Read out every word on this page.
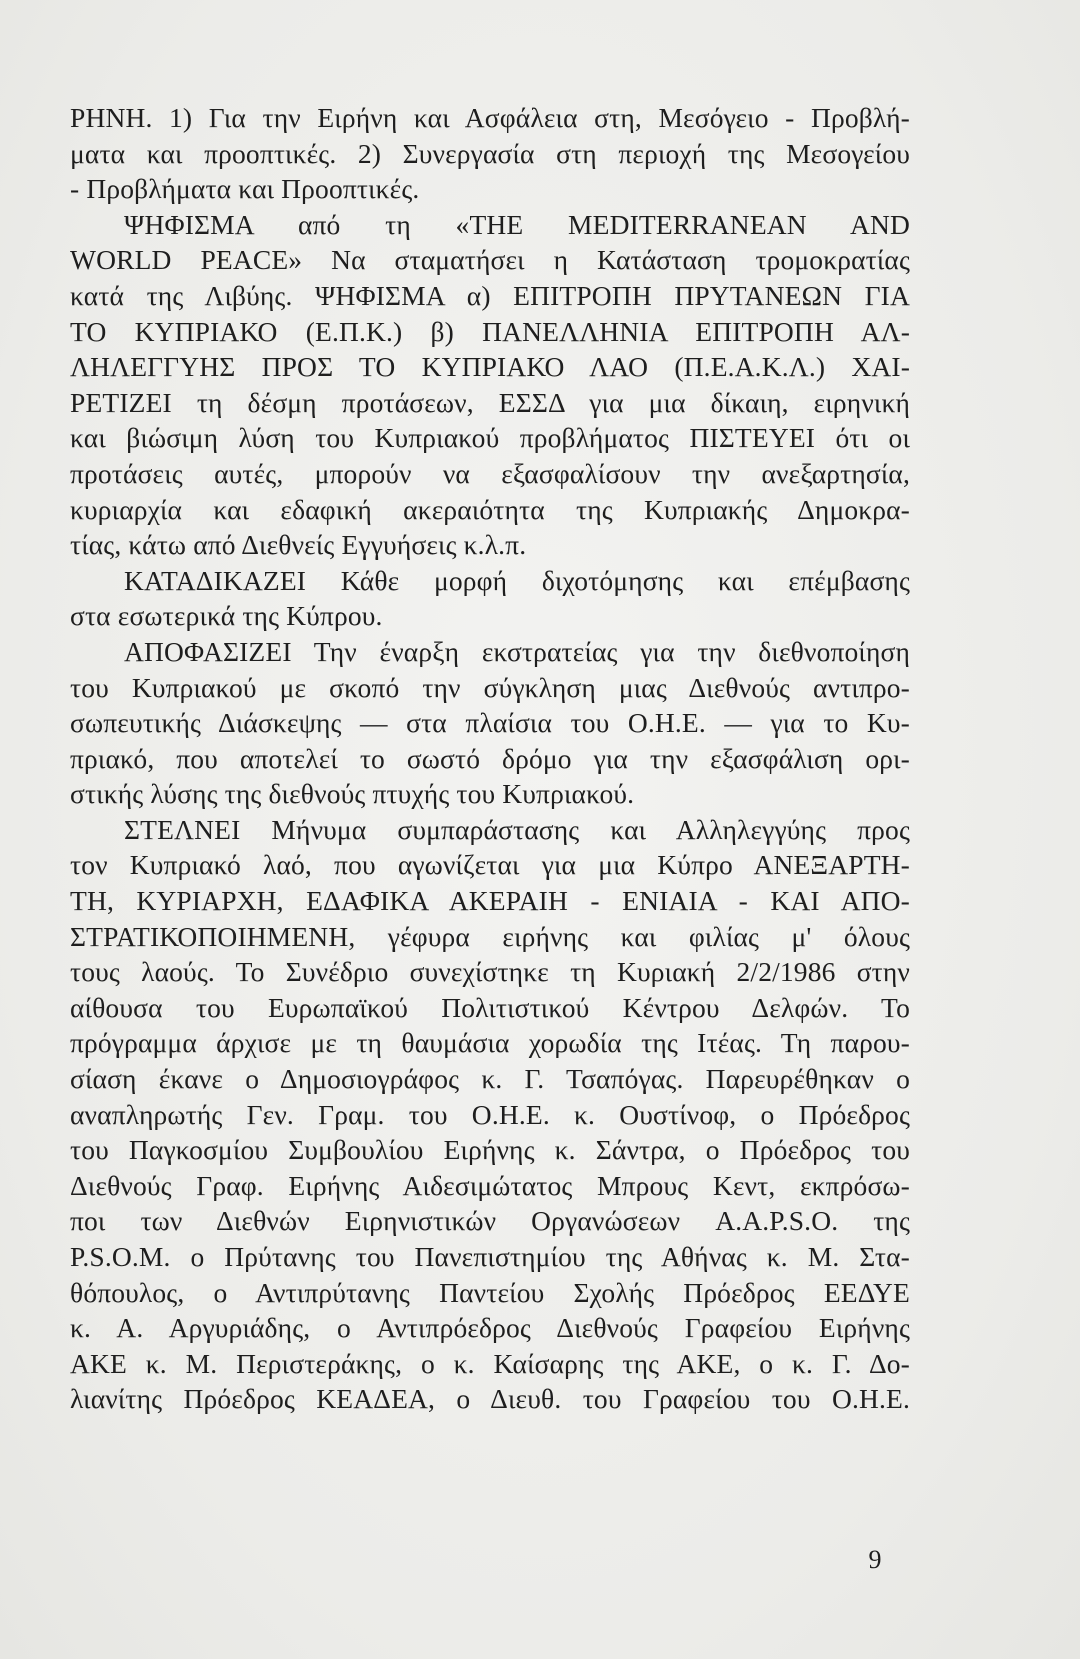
ΡΗΝΗ. 1) Για την Ειρήνη και Ασφάλεια στη, Μεσόγειο - Προβλή-
ματα και προοπτικές. 2) Συνεργασία στη περιοχή της Μεσογείου
- Προβλήματα και Προοπτικές.
ΨΗΦΙΣΜΑ από τη «THE MEDITERRANEAN AND
WORLD PEACE» Να σταματήσει η Κατάσταση τρομοκρατίας
κατά της Λιβύης. ΨΗΦΙΣΜΑ α) ΕΠΙΤΡΟΠΗ ΠΡΥΤΑΝΕΩΝ ΓΙΑ
ΤΟ ΚΥΠΡΙΑΚΟ (Ε.Π.Κ.) β) ΠΑΝΕΛΛΗΝΙΑ ΕΠΙΤΡΟΠΗ ΑΛ-
ΛΗΛΕΓΓΥΗΣ ΠΡΟΣ ΤΟ ΚΥΠΡΙΑΚΟ ΛΑΟ (Π.Ε.Α.Κ.Λ.) ΧΑΙ-
ΡΕΤΙΖΕΙ τη δέσμη προτάσεων, ΕΣΣΔ για μια δίκαιη, ειρηνική
και βιώσιμη λύση του Κυπριακού προβλήματος ΠΙΣΤΕΥΕΙ ότι οι
προτάσεις αυτές, μπορούν να εξασφαλίσουν την ανεξαρτησία,
κυριαρχία και εδαφική ακεραιότητα της Κυπριακής Δημοκρα-
τίας, κάτω από Διεθνείς Εγγυήσεις κ.λ.π.
ΚΑΤΑΔΙΚΑΖΕΙ Κάθε μορφή διχοτόμησης και επέμβασης
στα εσωτερικά της Κύπρου.
ΑΠΟΦΑΣΙΖΕΙ Την έναρξη εκστρατείας για την διεθνοποίηση
του Κυπριακού με σκοπό την σύγκληση μιας Διεθνούς αντιπρο-
σωπευτικής Διάσκεψης — στα πλαίσια του Ο.Η.Ε. — για το Κυ-
πριακό, που αποτελεί το σωστό δρόμο για την εξασφάλιση ορι-
στικής λύσης της διεθνούς πτυχής του Κυπριακού.
ΣΤΕΛΝΕΙ Μήνυμα συμπαράστασης και Αλληλεγγύης προς
τον Κυπριακό λαό, που αγωνίζεται για μια Κύπρο ΑΝΕΞΑΡΤΗ-
ΤΗ, ΚΥΡΙΑΡΧΗ, ΕΔΑΦΙΚΑ ΑΚΕΡΑΙΗ - ΕΝΙΑΙΑ - ΚΑΙ ΑΠΟ-
ΣΤΡΑΤΙΚΟΠΟΙΗΜΕΝΗ, γέφυρα ειρήνης και φιλίας μ' όλους
τους λαούς. Το Συνέδριο συνεχίστηκε τη Κυριακή 2/2/1986 στην
αίθουσα του Ευρωπαϊκού Πολιτιστικού Κέντρου Δελφών. Το
πρόγραμμα άρχισε με τη θαυμάσια χορωδία της Ιτέας. Τη παρου-
σίαση έκανε ο Δημοσιογράφος κ. Γ. Τσαπόγας. Παρευρέθηκαν ο
αναπληρωτής Γεν. Γραμ. του Ο.Η.Ε. κ. Ουστίνοφ, ο Πρόεδρος
του Παγκοσμίου Συμβουλίου Ειρήνης κ. Σάντρα, ο Πρόεδρος του
Διεθνούς Γραφ. Ειρήνης Αιδεσιμώτατος Μπρους Κεντ, εκπρόσω-
ποι των Διεθνών Ειρηνιστικών Οργανώσεων A.A.P.S.O. της
P.S.O.M. ο Πρύτανης του Πανεπιστημίου της Αθήνας κ. Μ. Στα-
θόπουλος, ο Αντιπρύτανης Παντείου Σχολής Πρόεδρος ΕΕΔΥΕ
κ. Α. Αργυριάδης, ο Αντιπρόεδρος Διεθνούς Γραφείου Ειρήνης
ΑΚΕ κ. Μ. Περιστεράκης, ο κ. Καίσαρης της ΑΚΕ, ο κ. Γ. Δο-
λιανίτης Πρόεδρος ΚΕΑΔΕΑ, ο Διευθ. του Γραφείου του Ο.Η.Ε.
9
